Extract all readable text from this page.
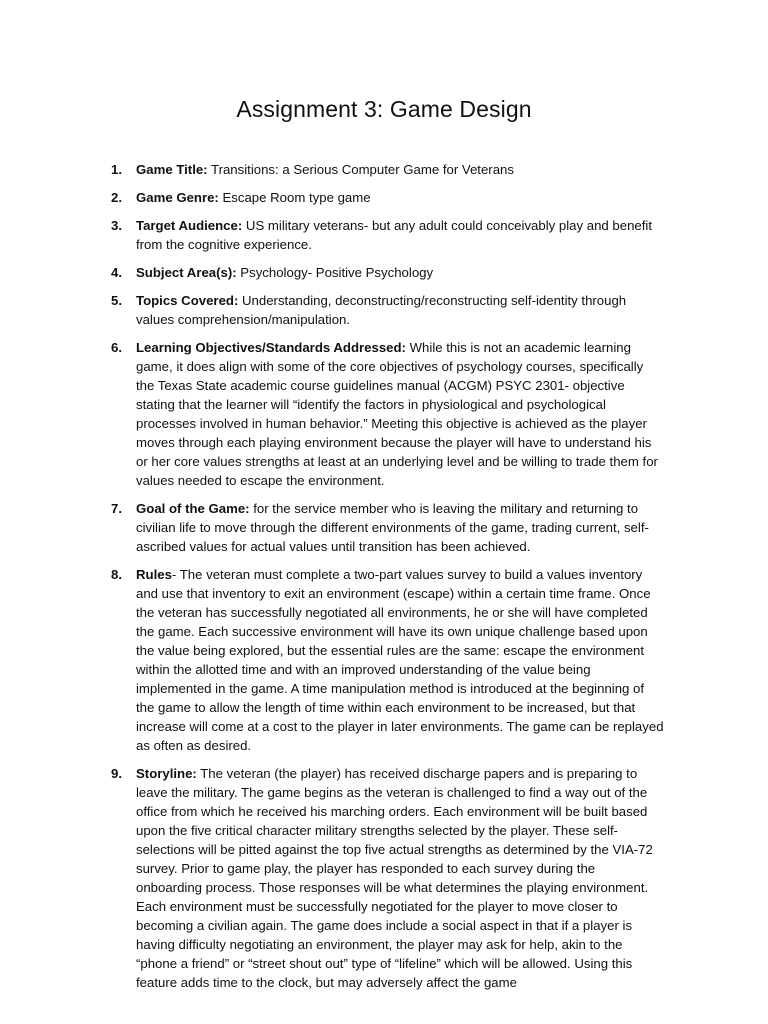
Assignment 3: Game Design
1. Game Title: Transitions: a Serious Computer Game for Veterans
2. Game Genre: Escape Room type game
3. Target Audience: US military veterans- but any adult could conceivably play and benefit from the cognitive experience.
4. Subject Area(s): Psychology- Positive Psychology
5. Topics Covered: Understanding, deconstructing/reconstructing self-identity through values comprehension/manipulation.
6. Learning Objectives/Standards Addressed: While this is not an academic learning game, it does align with some of the core objectives of psychology courses, specifically the Texas State academic course guidelines manual (ACGM) PSYC 2301- objective stating that the learner will “identify the factors in physiological and psychological processes involved in human behavior.” Meeting this objective is achieved as the player moves through each playing environment because the player will have to understand his or her core values strengths at least at an underlying level and be willing to trade them for values needed to escape the environment.
7. Goal of the Game: for the service member who is leaving the military and returning to civilian life to move through the different environments of the game, trading current, self-ascribed values for actual values until transition has been achieved.
8. Rules- The veteran must complete a two-part values survey to build a values inventory and use that inventory to exit an environment (escape) within a certain time frame. Once the veteran has successfully negotiated all environments, he or she will have completed the game. Each successive environment will have its own unique challenge based upon the value being explored, but the essential rules are the same: escape the environment within the allotted time and with an improved understanding of the value being implemented in the game. A time manipulation method is introduced at the beginning of the game to allow the length of time within each environment to be increased, but that increase will come at a cost to the player in later environments. The game can be replayed as often as desired.
9. Storyline: The veteran (the player) has received discharge papers and is preparing to leave the military. The game begins as the veteran is challenged to find a way out of the office from which he received his marching orders. Each environment will be built based upon the five critical character military strengths selected by the player. These self-selections will be pitted against the top five actual strengths as determined by the VIA-72 survey. Prior to game play, the player has responded to each survey during the onboarding process. Those responses will be what determines the playing environment. Each environment must be successfully negotiated for the player to move closer to becoming a civilian again. The game does include a social aspect in that if a player is having difficulty negotiating an environment, the player may ask for help, akin to the “phone a friend” or “street shout out” type of “lifeline” which will be allowed. Using this feature adds time to the clock, but may adversely affect the game
